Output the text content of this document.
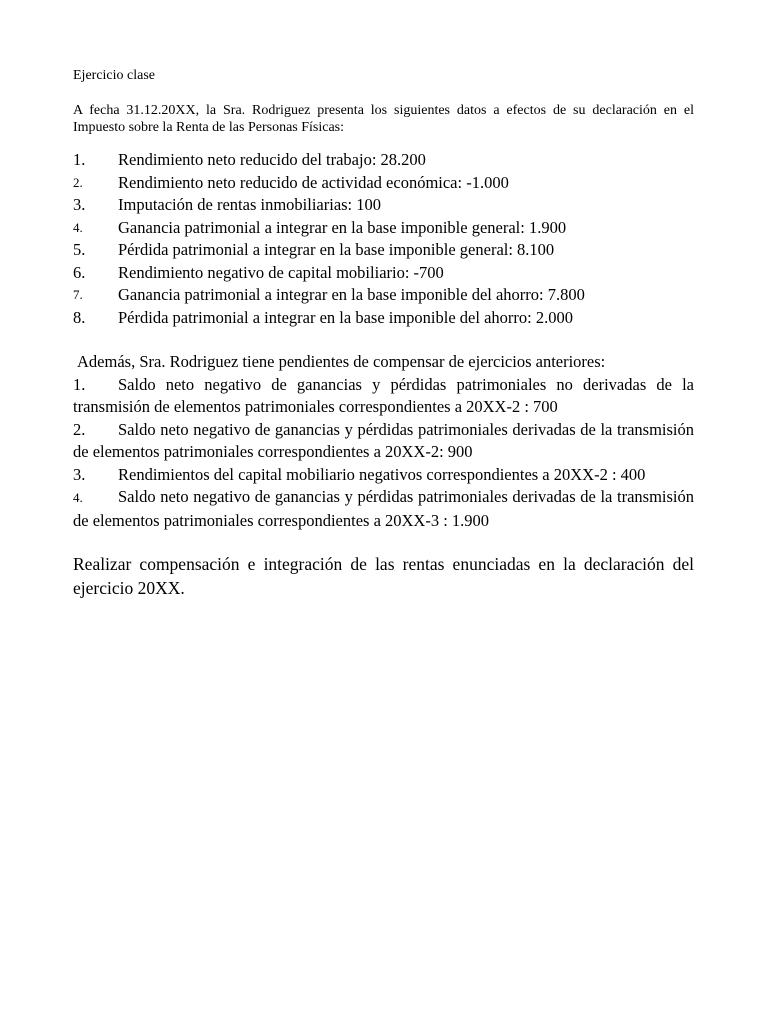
Ejercicio clase

A fecha 31.12.20XX, la Sra. Rodriguez presenta los siguientes datos a efectos de su declaración en el Impuesto sobre la Renta de las Personas Físicas:

1.	Rendimiento neto reducido del trabajo: 28.200
2.	Rendimiento neto reducido de actividad económica: -1.000
3.	Imputación de rentas inmobiliarias: 100
4.	Ganancia patrimonial a integrar en la base imponible general: 1.900
5.	Pérdida patrimonial a integrar en la base imponible general: 8.100
6.	Rendimiento negativo de capital mobiliario: -700
7.	Ganancia patrimonial a integrar en la base imponible del ahorro: 7.800
8.	Pérdida patrimonial a integrar en la base imponible del ahorro: 2.000

Además, Sra. Rodriguez tiene pendientes de compensar de ejercicios anteriores:

1. Saldo neto negativo de ganancias y pérdidas patrimoniales no derivadas de la transmisión de elementos patrimoniales correspondientes a 20XX-2 : 700
2. Saldo neto negativo de ganancias y pérdidas patrimoniales derivadas de la transmisión de elementos patrimoniales correspondientes a 20XX-2: 900
3. Rendimientos del capital mobiliario negativos correspondientes a 20XX-2 : 400
4. Saldo neto negativo de ganancias y pérdidas patrimoniales derivadas de la transmisión de elementos patrimoniales correspondientes a 20XX-3 : 1.900

Realizar compensación e integración de las rentas enunciadas en la declaración del ejercicio 20XX.
